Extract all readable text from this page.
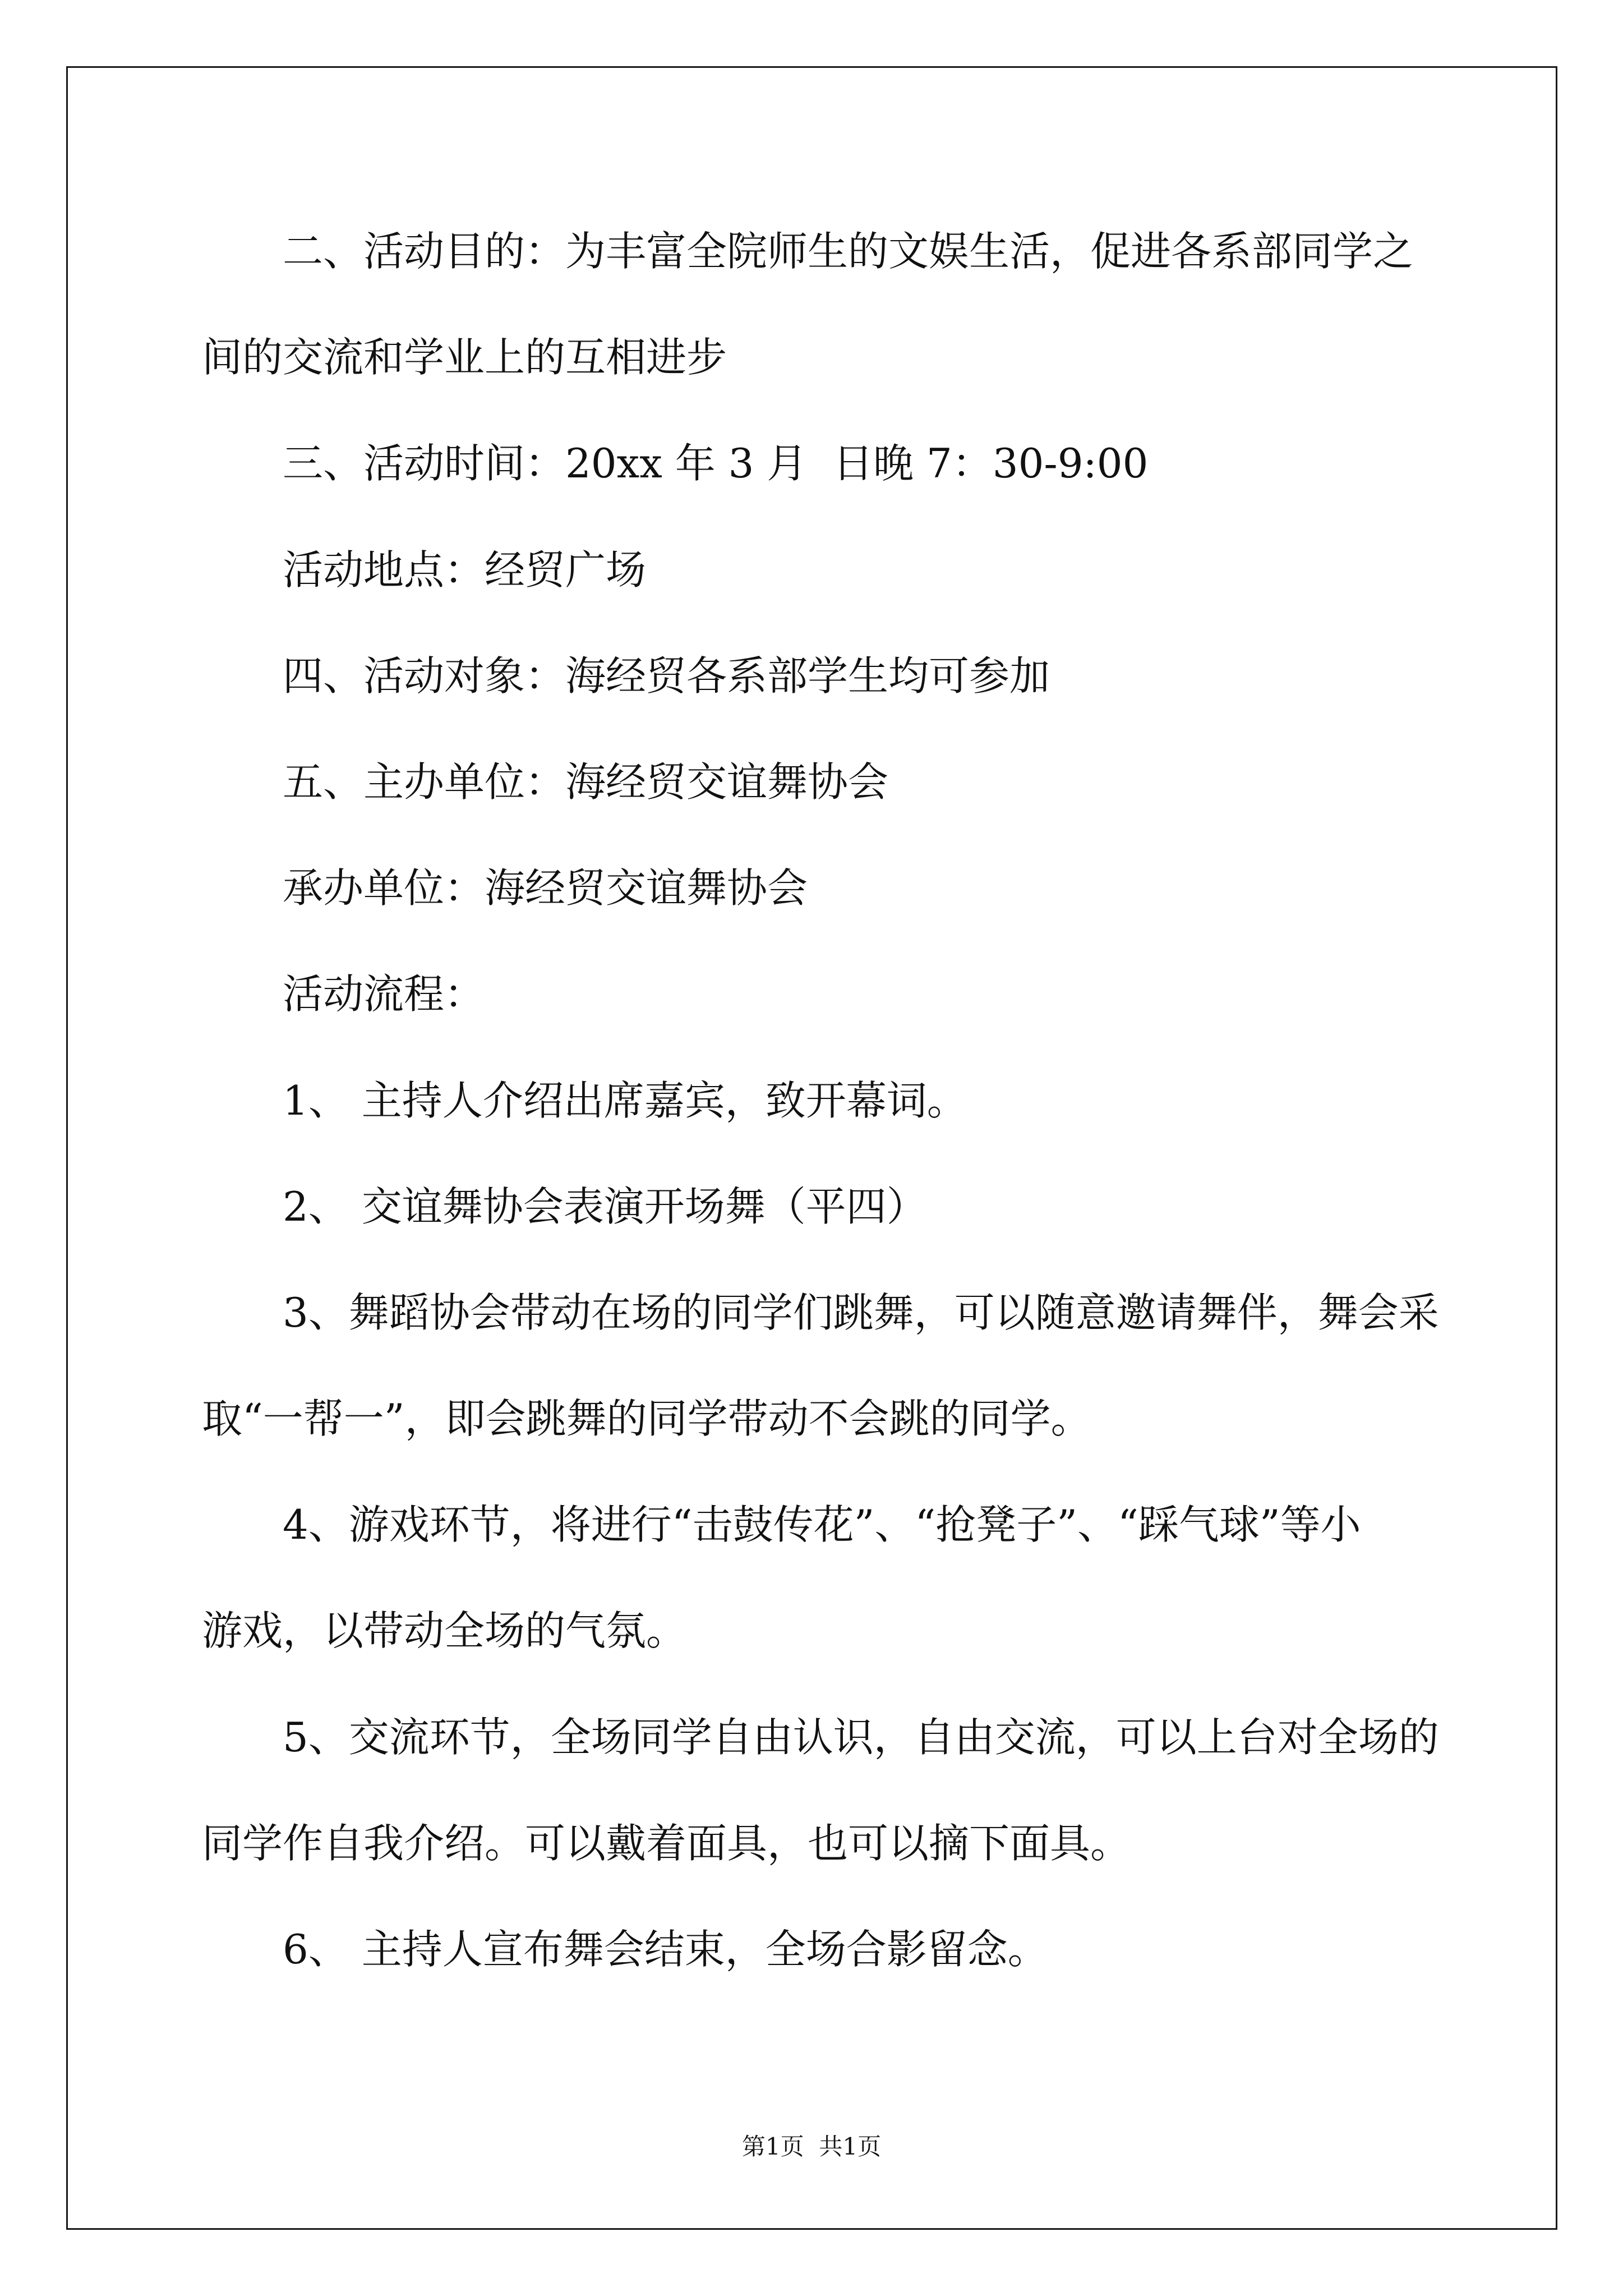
二、活动目的：为丰富全院师生的文娱生活，促进各系部同学之
间的交流和学业上的互相进步
三、活动时间：20xx 年 3 月  日晚 7：30-9:00
活动地点：经贸广场
四、活动对象：海经贸各系部学生均可参加
五、主办单位：海经贸交谊舞协会
承办单位：海经贸交谊舞协会
活动流程：
1、 主持人介绍出席嘉宾，致开幕词。
2、 交谊舞协会表演开场舞（平四）
3、舞蹈协会带动在场的同学们跳舞，可以随意邀请舞伴，舞会采
取“一帮一”，即会跳舞的同学带动不会跳的同学。
4、游戏环节，将进行“击鼓传花”、“抢凳子”、“踩气球”等小
游戏，以带动全场的气氛。
5、交流环节，全场同学自由认识，自由交流，可以上台对全场的
同学作自我介绍。可以戴着面具，也可以摘下面具。
6、 主持人宣布舞会结束，全场合影留念。
第1页  共1页
